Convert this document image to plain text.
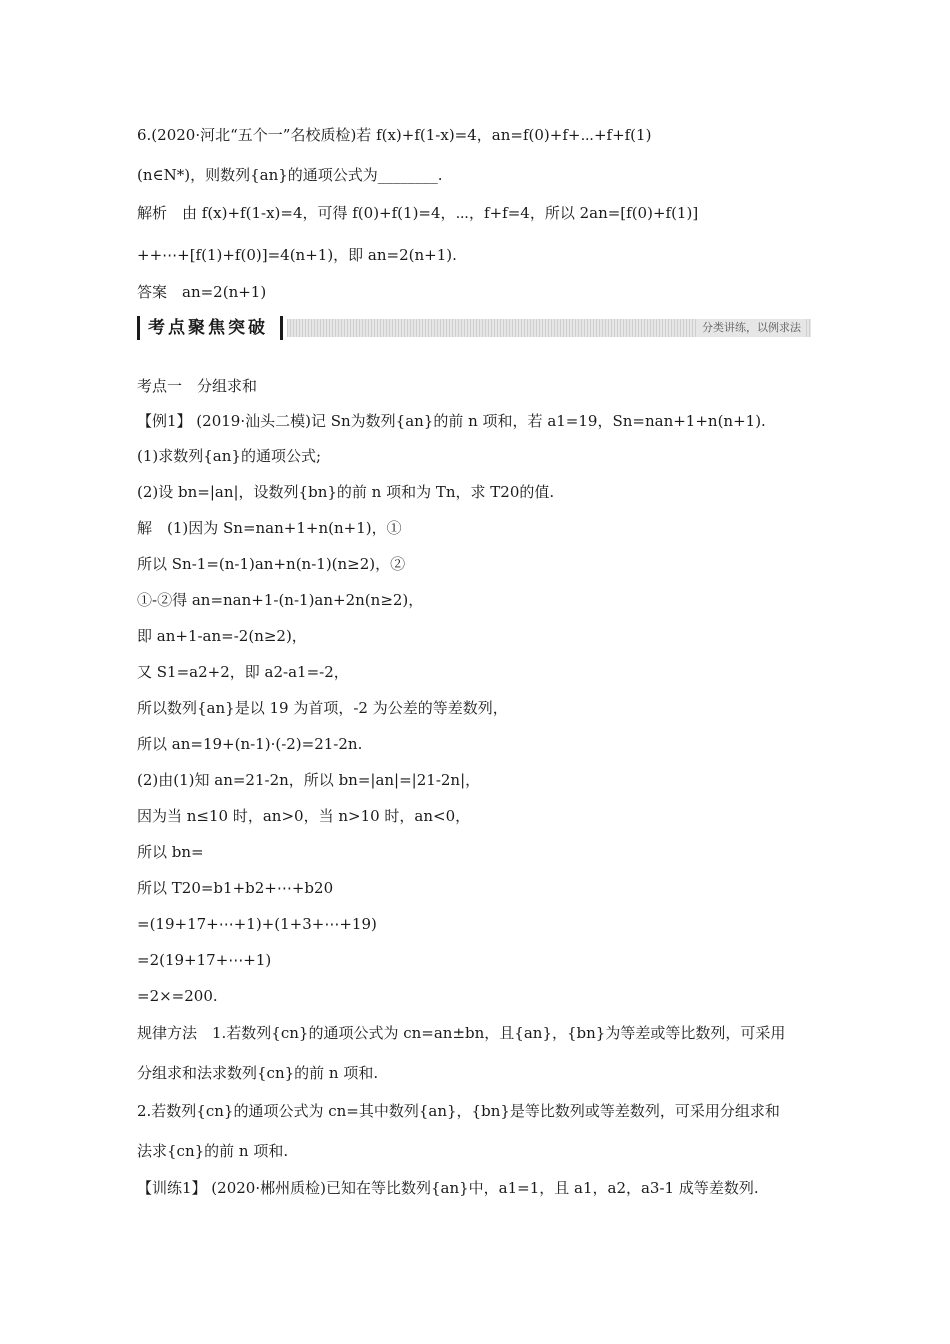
6.(2020·河北“五个一”名校质检)若 f(x)+f(1-x)=4，an=f(0)+f+⋯+f+f(1)
(n∈N*)，则数列{an}的通项公式为________.
解析　由 f(x)+f(1-x)=4，可得 f(0)+f(1)=4，⋯，f+f=4，所以 2an=[f(0)+f(1)]
++⋯+[f(1)+f(0)]=4(n+1)，即 an=2(n+1).
答案　an=2(n+1)
考点聚焦突破	分类讲练，以例求法
考点一　分组求和
【例1】 (2019·汕头二模)记 Sn为数列{an}的前 n 项和，若 a1=19，Sn=nan+1+n(n+1).
(1)求数列{an}的通项公式;
(2)设 bn=|an|，设数列{bn}的前 n 项和为 Tn，求 T20的值.
解　(1)因为 Sn=nan+1+n(n+1)，①
所以 Sn-1=(n-1)an+n(n-1)(n≥2)，②
①-②得 an=nan+1-(n-1)an+2n(n≥2)，
即 an+1-an=-2(n≥2)，
又 S1=a2+2，即 a2-a1=-2，
所以数列{an}是以 19 为首项，-2 为公差的等差数列，
所以 an=19+(n-1)·(-2)=21-2n.
(2)由(1)知 an=21-2n，所以 bn=|an|=|21-2n|，
因为当 n≤10 时，an>0，当 n>10 时，an<0，
所以 bn=
所以 T20=b1+b2+⋯+b20
=(19+17+⋯+1)+(1+3+⋯+19)
=2(19+17+⋯+1)
=2×=200.
规律方法　1.若数列{cn}的通项公式为 cn=an±bn，且{an}，{bn}为等差或等比数列，可采用
分组求和法求数列{cn}的前 n 项和.
2.若数列{cn}的通项公式为 cn=其中数列{an}，{bn}是等比数列或等差数列，可采用分组求和
法求{cn}的前 n 项和.
【训练1】 (2020·郴州质检)已知在等比数列{an}中，a1=1，且 a1，a2，a3-1 成等差数列.
